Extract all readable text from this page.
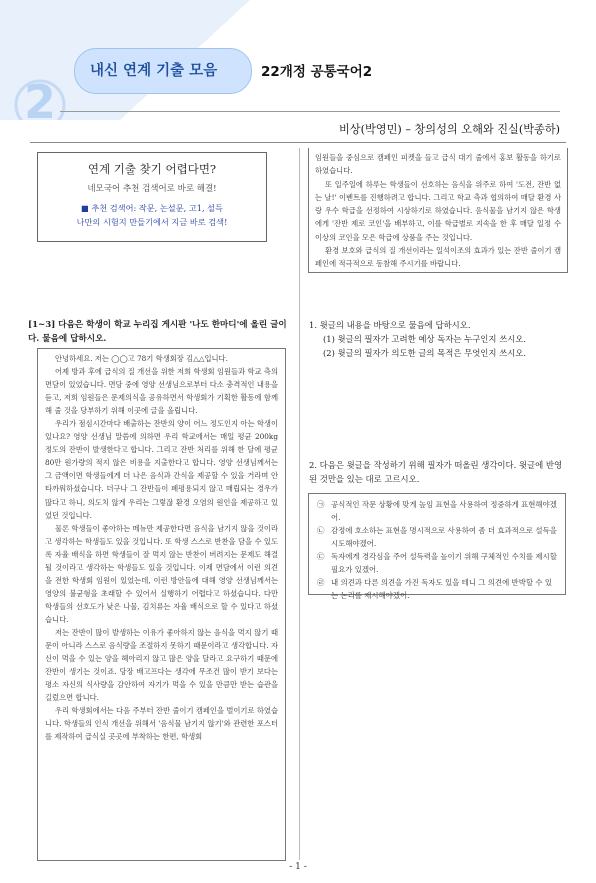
2
내신 연계 기출 모음	22개정 공통국어2
비상(박영민) – 창의성의 오해와 진실(박종하)
연계 기출 찾기 어렵다면?
네모국어 추천 검색어로 바로 해결!
■ 추천 검색어: 작문, 논설문, 고1, 설득
나만의 시험지 만들기에서 지금 바로 검색!
[1~3] 다음은 학생이 학교 누리집 게시판 '나도 한마디'에 올린 글이다. 물음에 답하시오.

안녕하세요. 저는 ◯◯고 78기 학생회장 김△△입니다.

어제 방과 후에 급식의 질 개선을 위한 저희 학생회 임원들과 학교 측의 면담이 있었습니다. 면담 중에 영양 선생님으로부터 다소 충격적인 내용을 듣고, 저희 임원들은 문제의식을 공유하면서 학생회가 기획한 활동에 함께해 줄 것을 당부하기 위해 이곳에 글을 올립니다.

우리가 점심시간마다 배출하는 잔반의 양이 어느 정도인지 아는 학생이 있나요? 영양 선생님 말씀에 의하면 우리 학교에서는 매일 평균 200kg 정도의 잔반이 발생한다고 합니다. 그리고 잔반 처리를 위해 한 달에 평균 80만 원가량의 적지 않은 비용을 지출한다고 합니다. 영양 선생님께서는 그 금액이면 학생들에게 더 나은 음식과 간식을 제공할 수 있을 거라며 안타까워하셨습니다. 더구나 그 잔반들이 폐평용되지 않고 매립되는 경우가 많다고 하니, 의도치 않게 우리는 그렇잖 환경 오염의 원인을 제공하고 있었던 것입니다.

물론 학생들이 좋아하는 메뉴만 제공한다면 음식을 남기지 않을 것이라고 생각하는 학생들도 있을 것입니다. 또 학생 스스로 반찬을 담을 수 있도록 자율 배식을 하면 학생들이 잘 먹지 않는 반찬이 버려지는 문제도 해결될 것이라고 생각하는 학생들도 있을 것입니다. 이제 면담에서 이런 의견을 전한 학생회 임원이 있었는데, 이런 방안들에 대해 영양 선생님께서는 영양의 불균형을 초래할 수 있어서 실행하기 어렵다고 하셨습니다. 다만 학생들의 선호도가 낮은 나물, 김치류는 자율 배식으로 할 수 있다고 하셨습니다.

저는 잔반이 많이 발생하는 이유가 좋아하지 않는 음식을 먹지 않기 때문이 아니라 스스로 음식량을 조절하지 못하기 때문이라고 생각합니다. 자신이 먹을 수 있는 양을 헤아리지 않고 많은 양을 달라고 요구하기 때문에 잔반이 생기는 것이죠. 당장 배고프다는 생각에 무조건 많이 받기 보다는 평소 자신의 식사량을 감안하여 자기가 먹을 수 있을 만큼만 받는 습관을 길렀으면 합니다.

우리 학생회에서는 다음 주부터 잔반 줄이기 캠페인을 벌이기로 하였습니다. 학생들의 인식 개선을 위해서 '음식물 남기지 않기'와 관련한 포스터를 제작하여 급식실 곳곳에 부착하는 한편, 학생회

임원들을 중심으로 캠페인 피켓을 들고 급식 대기 줄에서 홍보 활동을 하기로 하였습니다.

또 일주일에 하루는 학생들이 선호하는 음식을 위주로 하여 '도전, 잔반 없는 날!' 이벤트를 진행하려고 합니다. 그리고 학교 측과 협의하여 매달 환경 사랑 우수 학급을 선정하여 시상하기로 하였습니다. 음식물을 남기지 않은 학생에게 '잔반 제로 코인'을 배부하고, 이를 학급별로 지속을 한 후 매달 일정 수 이상의 코인을 모은 학급에 상품을 주는 것입니다.

환경 보호와 급식의 질 개선이라는 일석이조의 효과가 있는 잔반 줄이기 캠페인에 적극적으로 동참해 주시기를 바랍니다.

1. 윗글의 내용을 바탕으로 물음에 답하시오.
(1) 윗글의 필자가 고려한 예상 독자는 누구인지 쓰시오.
(2) 윗글의 필자가 의도한 글의 목적은 무엇인지 쓰시오.
2. 다음은 윗글을 작성하기 위해 필자가 떠올린 생각이다. 윗글에 반영된 것만을 있는 대로 고르시오.
㉠ 공식적인 작문 상황에 맞게 높임 표현을 사용하여 정중하게 표현해야겠어.
㉡ 감정에 호소하는 표현을 명시적으로 사용하여 좀 더 효과적으로 설득을 시도해야겠어.
㉢ 독자에게 경각심을 주어 설득력을 높이기 위해 구체적인 수치를 제시할 필요가 있겠어.
㉣ 내 의견과 다른 의견을 가진 독자도 있을 테니 그 의견에 반박할 수 있는 논리를 제시해야겠어.
- 1 -
